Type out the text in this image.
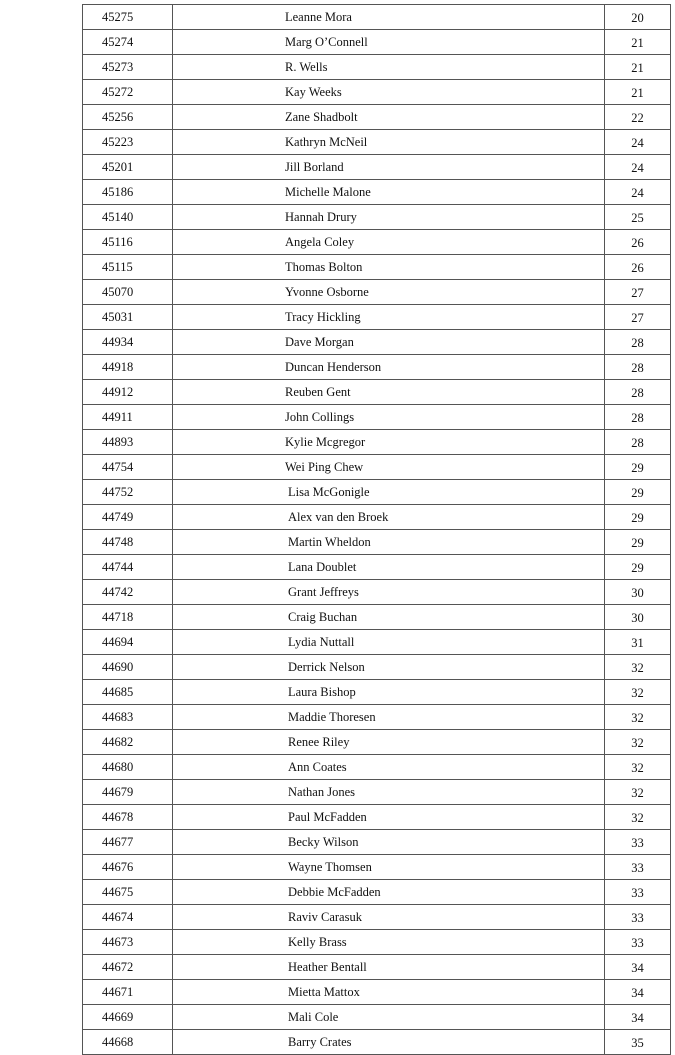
45275	Leanne Mora	20
45274	Marg O’Connell	21
45273	R. Wells	21
45272	Kay Weeks	21
45256	Zane Shadbolt	22
45223	Kathryn McNeil	24
45201	Jill Borland	24
45186	Michelle Malone	24
45140	Hannah Drury	25
45116	Angela Coley	26
45115	Thomas Bolton	26
45070	Yvonne Osborne	27
45031	Tracy Hickling	27
44934	Dave Morgan	28
44918	Duncan Henderson	28
44912	Reuben Gent	28
44911	John Collings	28
44893	Kylie Mcgregor	28
44754	Wei Ping Chew	29
44752	Lisa McGonigle	29
44749	Alex van den Broek	29
44748	Martin Wheldon	29
44744	Lana Doublet	29
44742	Grant Jeffreys	30
44718	Craig Buchan	30
44694	Lydia Nuttall	31
44690	Derrick Nelson	32
44685	Laura Bishop	32
44683	Maddie Thoresen	32
44682	Renee Riley	32
44680	Ann Coates	32
44679	Nathan Jones	32
44678	Paul McFadden	32
44677	Becky Wilson	33
44676	Wayne Thomsen	33
44675	Debbie McFadden	33
44674	Raviv Carasuk	33
44673	Kelly Brass	33
44672	Heather Bentall	34
44671	Mietta Mattox	34
44669	Mali Cole	34
44668	Barry Crates	35
